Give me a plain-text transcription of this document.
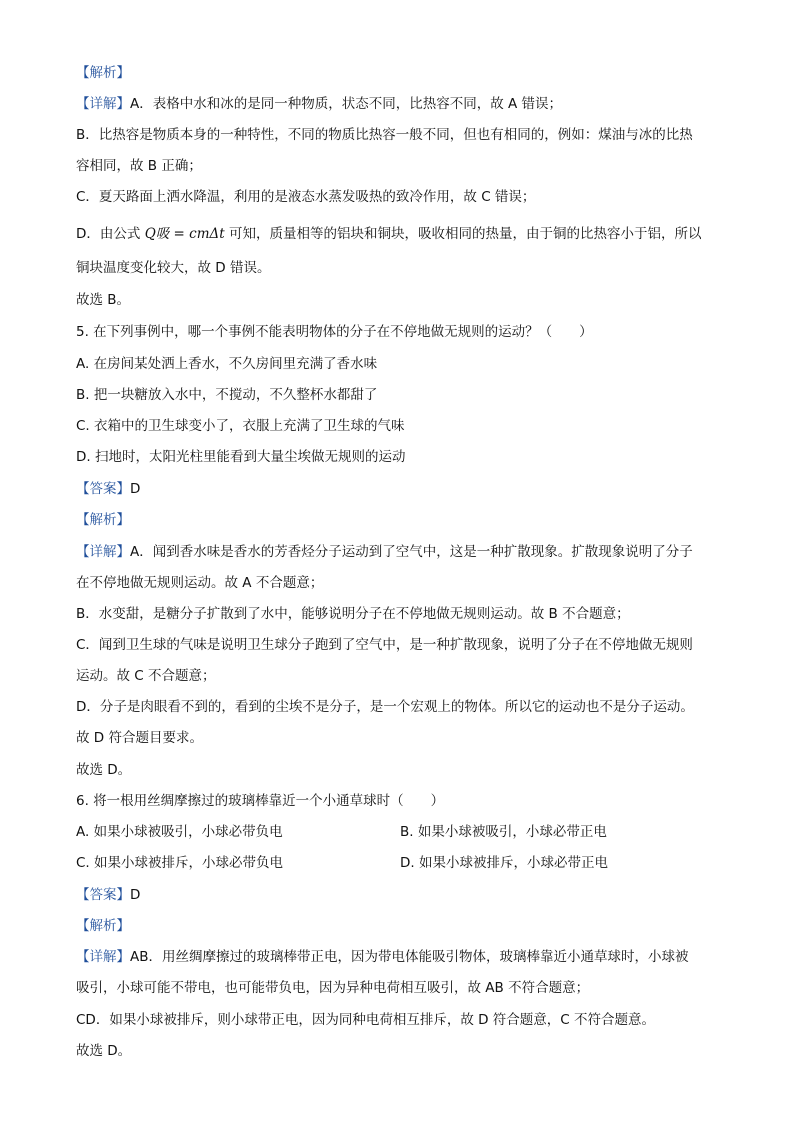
【解析】
【详解】A．表格中水和冰的是同一种物质，状态不同，比热容不同，故 A 错误；
B．比热容是物质本身的一种特性，不同的物质比热容一般不同，但也有相同的，例如：煤油与冰的比热
容相同，故 B 正确；
C．夏天路面上洒水降温，利用的是液态水蒸发吸热的致冷作用，故 C 错误；
D．由公式 Q吸 = cmΔt 可知，质量相等的铝块和铜块，吸收相同的热量，由于铜的比热容小于铝，所以
铜块温度变化较大，故 D 错误。
故选 B。
5. 在下列事例中，哪一个事例不能表明物体的分子在不停地做无规则的运动？（　　）
A. 在房间某处洒上香水，不久房间里充满了香水味
B. 把一块糖放入水中，不搅动，不久整杯水都甜了
C. 衣箱中的卫生球变小了，衣服上充满了卫生球的气味
D. 扫地时，太阳光柱里能看到大量尘埃做无规则的运动
【答案】D
【解析】
【详解】A．闻到香水味是香水的芳香烃分子运动到了空气中，这是一种扩散现象。扩散现象说明了分子
在不停地做无规则运动。故 A 不合题意；
B．水变甜，是糖分子扩散到了水中，能够说明分子在不停地做无规则运动。故 B 不合题意；
C．闻到卫生球的气味是说明卫生球分子跑到了空气中，是一种扩散现象，说明了分子在不停地做无规则
运动。故 C 不合题意；
D．分子是肉眼看不到的，看到的尘埃不是分子，是一个宏观上的物体。所以它的运动也不是分子运动。
故 D 符合题目要求。
故选 D。
6. 将一根用丝绸摩擦过的玻璃棒靠近一个小通草球时（　　）
A. 如果小球被吸引，小球必带负电	B. 如果小球被吸引，小球必带正电
C. 如果小球被排斥，小球必带负电	D. 如果小球被排斥，小球必带正电
【答案】D
【解析】
【详解】AB．用丝绸摩擦过的玻璃棒带正电，因为带电体能吸引物体，玻璃棒靠近小通草球时，小球被
吸引，小球可能不带电，也可能带负电，因为异种电荷相互吸引，故 AB 不符合题意；
CD．如果小球被排斥，则小球带正电，因为同种电荷相互排斥，故 D 符合题意，C 不符合题意。
故选 D。
